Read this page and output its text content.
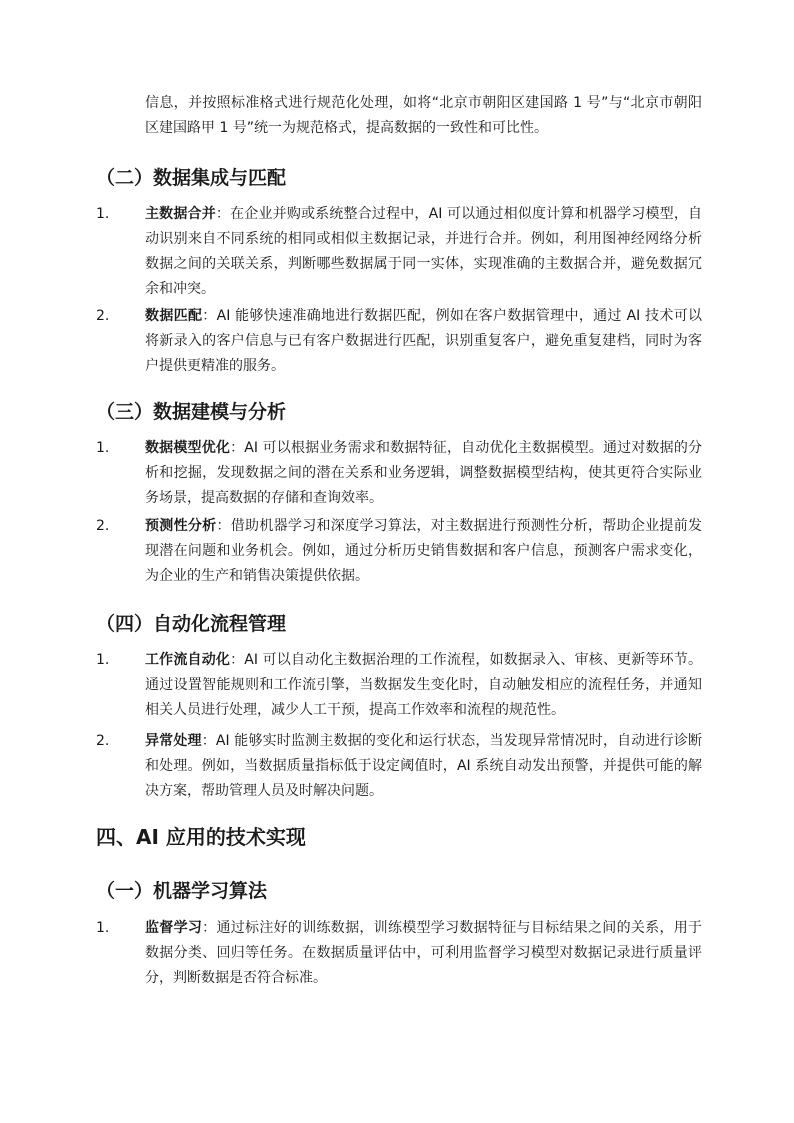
信息，并按照标准格式进行规范化处理，如将“北京市朝阳区建国路 1 号”与“北京市朝阳区建国路甲 1 号”统一为规范格式，提高数据的一致性和可比性。

（二）数据集成与匹配
1.	主数据合并：在企业并购或系统整合过程中，AI 可以通过相似度计算和机器学习模型，自动识别来自不同系统的相同或相似主数据记录，并进行合并。例如，利用图神经网络分析数据之间的关联关系，判断哪些数据属于同一实体，实现准确的主数据合并，避免数据冗余和冲突。

2.	数据匹配：AI 能够快速准确地进行数据匹配，例如在客户数据管理中，通过 AI 技术可以将新录入的客户信息与已有客户数据进行匹配，识别重复客户，避免重复建档，同时为客户提供更精准的服务。

（三）数据建模与分析
1.	数据模型优化：AI 可以根据业务需求和数据特征，自动优化主数据模型。通过对数据的分析和挖掘，发现数据之间的潜在关系和业务逻辑，调整数据模型结构，使其更符合实际业务场景，提高数据的存储和查询效率。

2.	预测性分析：借助机器学习和深度学习算法，对主数据进行预测性分析，帮助企业提前发现潜在问题和业务机会。例如，通过分析历史销售数据和客户信息，预测客户需求变化，为企业的生产和销售决策提供依据。

（四）自动化流程管理
1.	工作流自动化：AI 可以自动化主数据治理的工作流程，如数据录入、审核、更新等环节。通过设置智能规则和工作流引擎，当数据发生变化时，自动触发相应的流程任务，并通知相关人员进行处理，减少人工干预，提高工作效率和流程的规范性。

2.	异常处理：AI 能够实时监测主数据的变化和运行状态，当发现异常情况时，自动进行诊断和处理。例如，当数据质量指标低于设定阈值时，AI 系统自动发出预警，并提供可能的解决方案，帮助管理人员及时解决问题。

四、AI 应用的技术实现
（一）机器学习算法
1.	监督学习：通过标注好的训练数据，训练模型学习数据特征与目标结果之间的关系，用于数据分类、回归等任务。在数据质量评估中，可利用监督学习模型对数据记录进行质量评分，判断数据是否符合标准。
